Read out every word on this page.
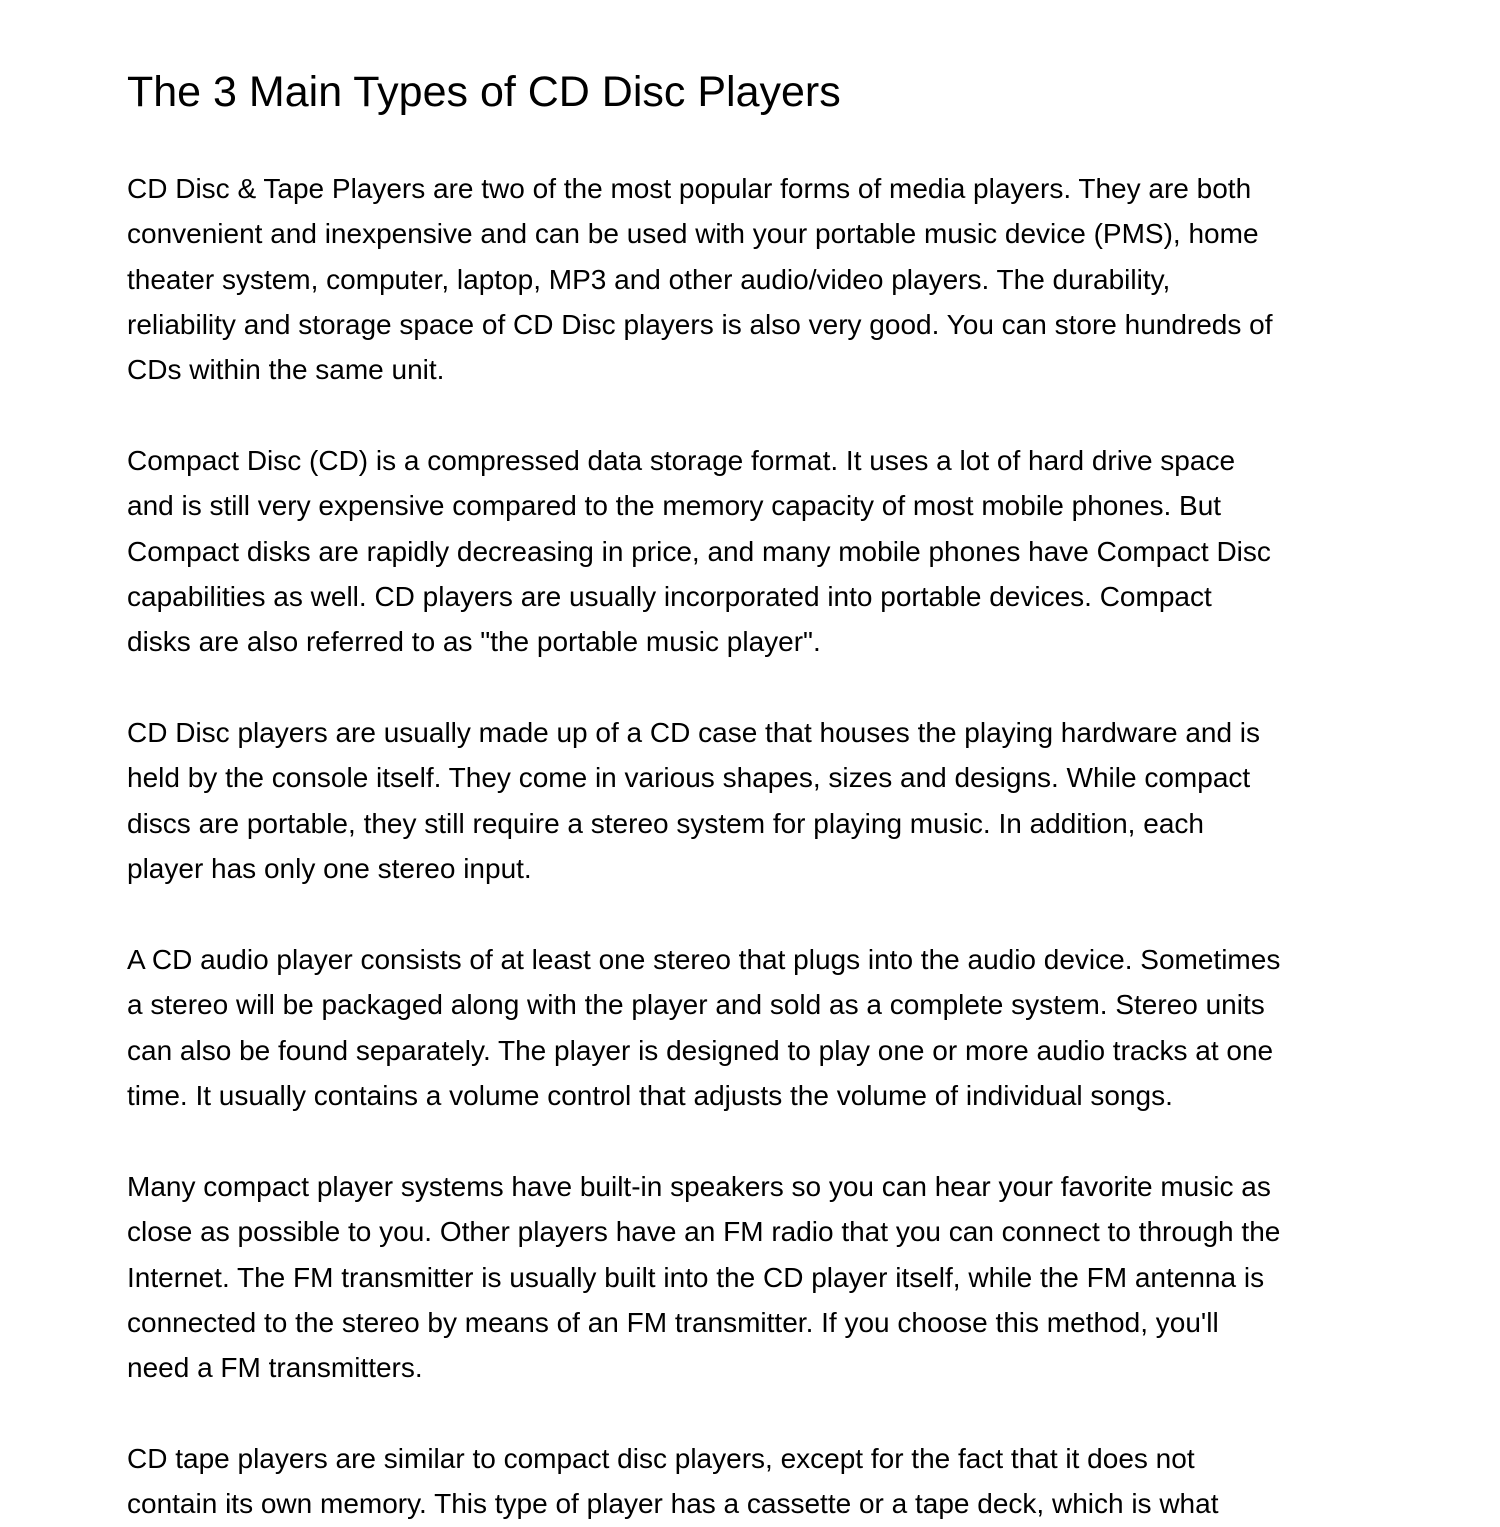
The 3 Main Types of CD Disc Players

CD Disc & Tape Players are two of the most popular forms of media players. They are both
convenient and inexpensive and can be used with your portable music device (PMS), home
theater system, computer, laptop, MP3 and other audio/video players. The durability,
reliability and storage space of CD Disc players is also very good. You can store hundreds of
CDs within the same unit.

Compact Disc (CD) is a compressed data storage format. It uses a lot of hard drive space
and is still very expensive compared to the memory capacity of most mobile phones. But
Compact disks are rapidly decreasing in price, and many mobile phones have Compact Disc
capabilities as well. CD players are usually incorporated into portable devices. Compact
disks are also referred to as "the portable music player".

CD Disc players are usually made up of a CD case that houses the playing hardware and is
held by the console itself. They come in various shapes, sizes and designs. While compact
discs are portable, they still require a stereo system for playing music. In addition, each
player has only one stereo input.

A CD audio player consists of at least one stereo that plugs into the audio device. Sometimes
a stereo will be packaged along with the player and sold as a complete system. Stereo units
can also be found separately. The player is designed to play one or more audio tracks at one
time. It usually contains a volume control that adjusts the volume of individual songs.

Many compact player systems have built-in speakers so you can hear your favorite music as
close as possible to you. Other players have an FM radio that you can connect to through the
Internet. The FM transmitter is usually built into the CD player itself, while the FM antenna is
connected to the stereo by means of an FM transmitter. If you choose this method, you'll
need a FM transmitters.

CD tape players are similar to compact disc players, except for the fact that it does not
contain its own memory. This type of player has a cassette or a tape deck, which is what
